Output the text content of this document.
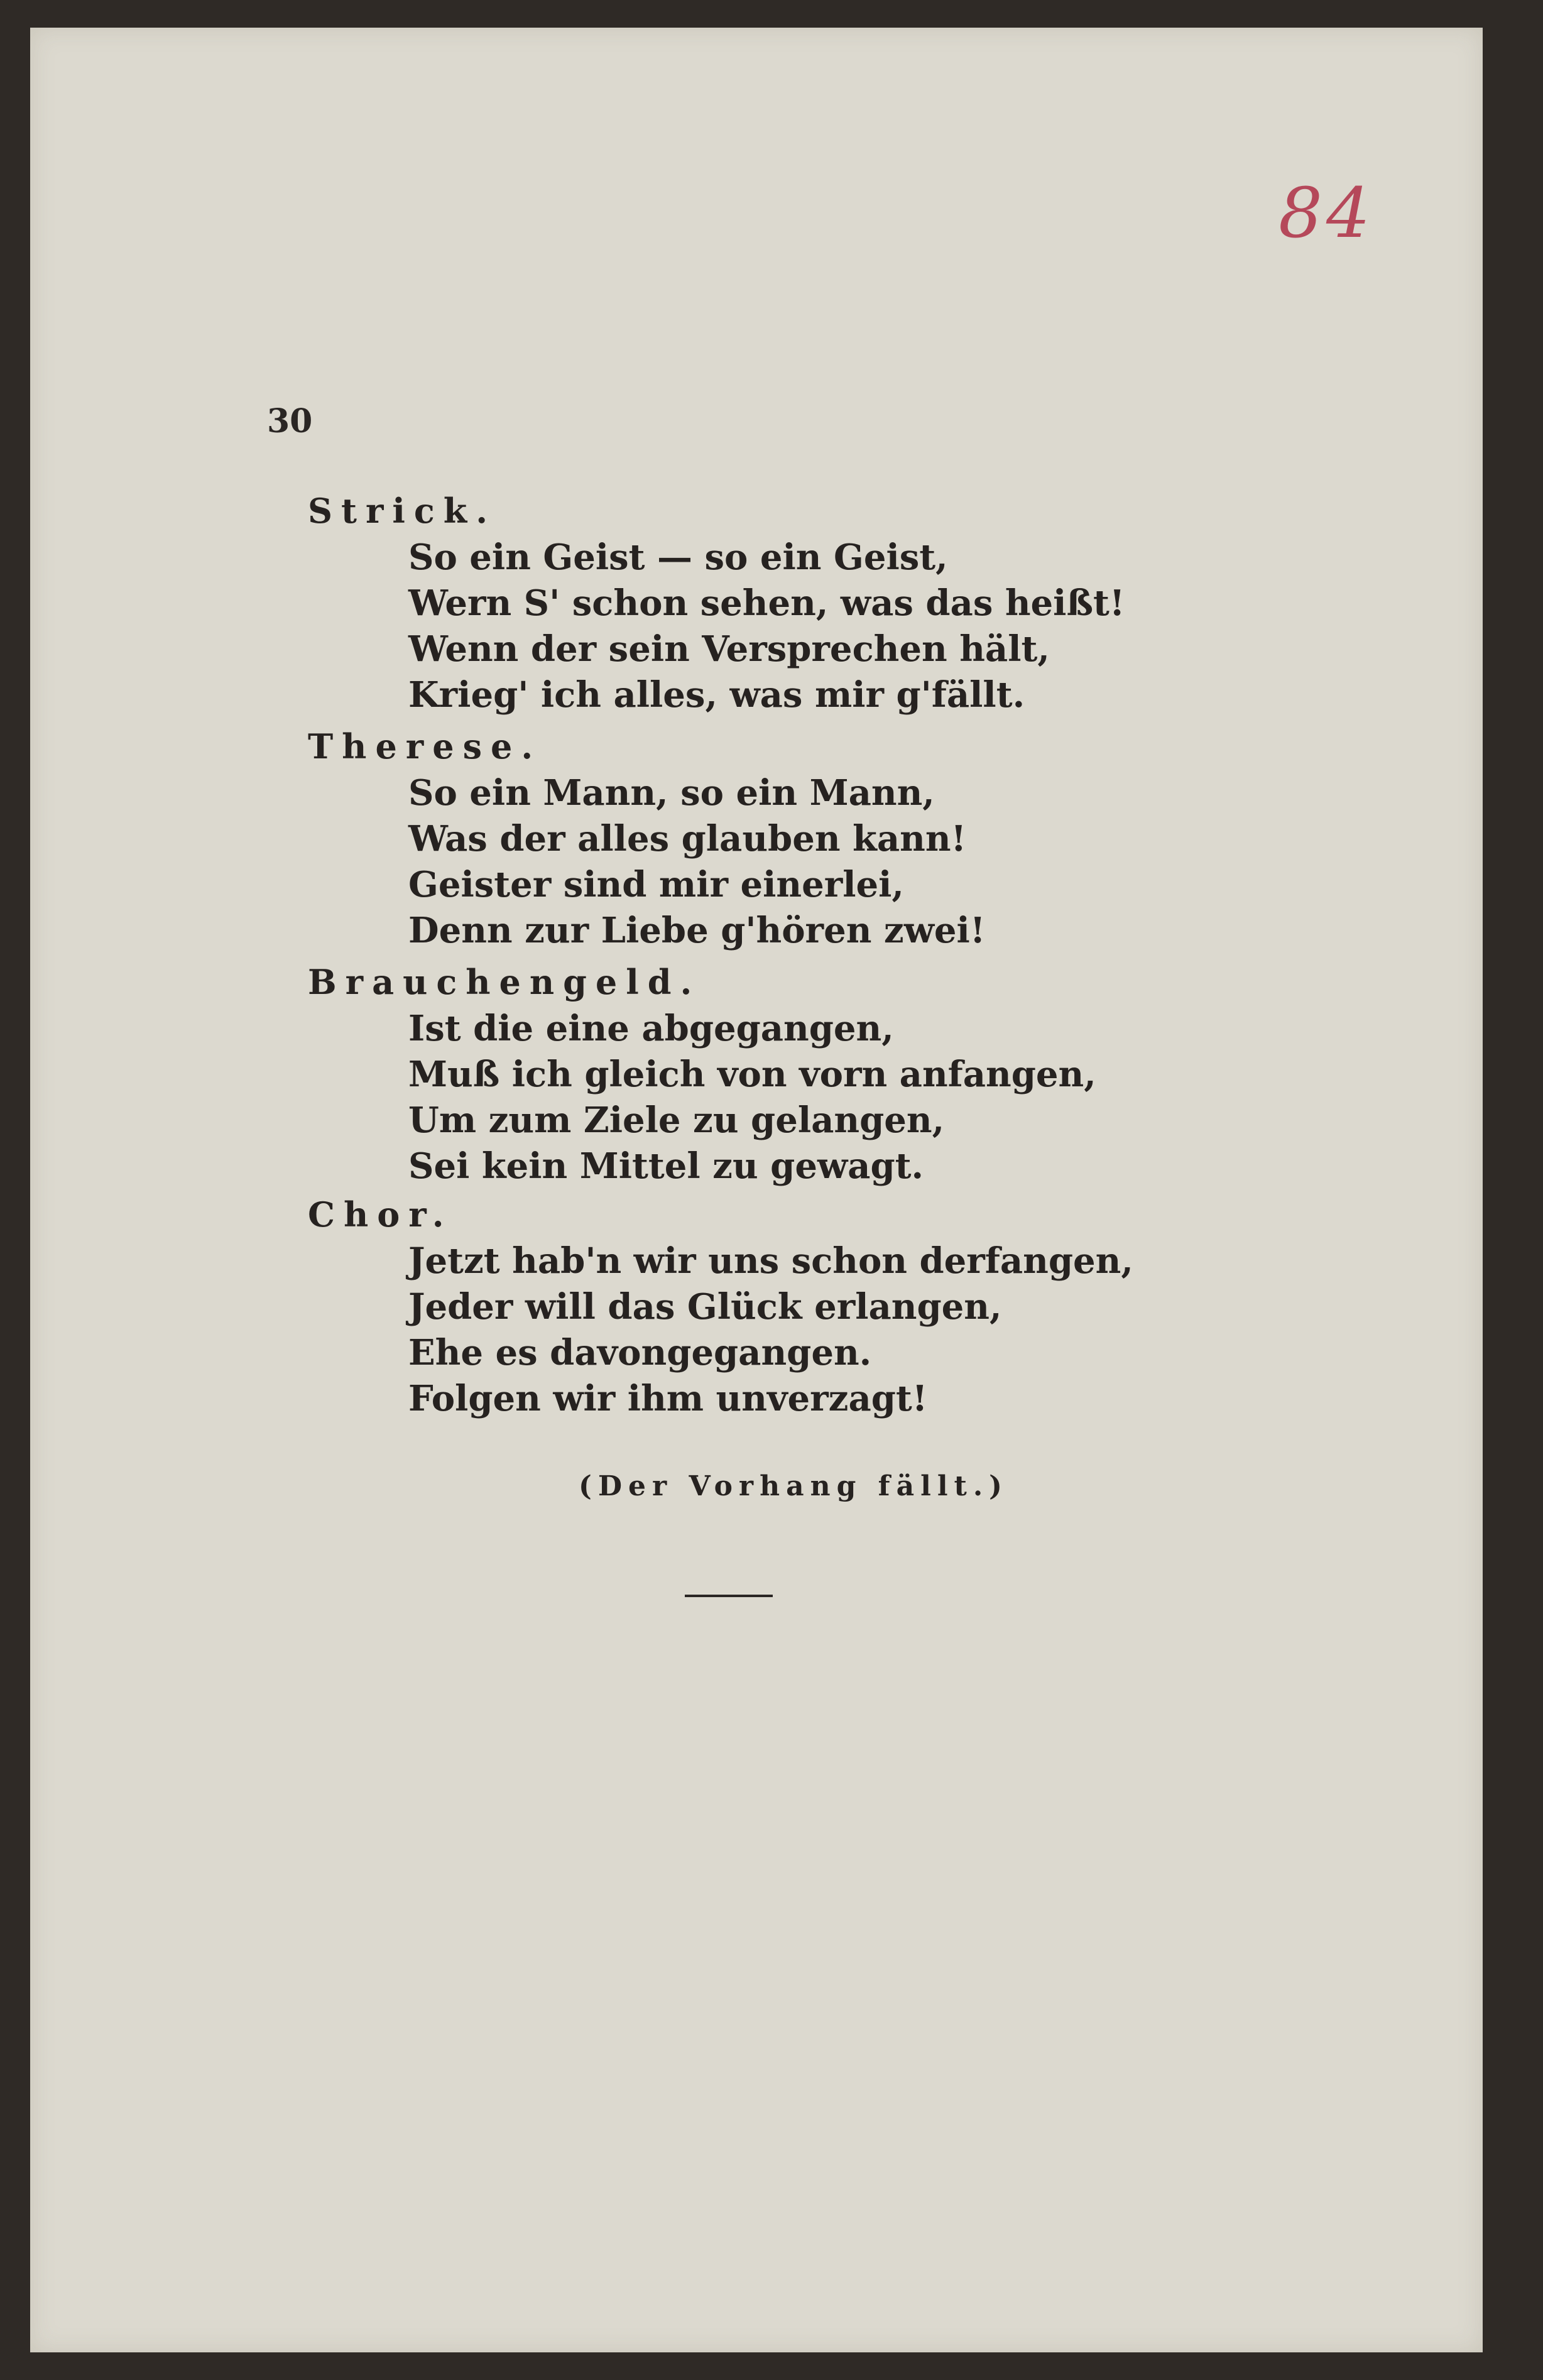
84
30
Strick.
So ein Geist — so ein Geist,
Wern S' schon sehen, was das heißt!
Wenn der sein Versprechen hält,
Krieg' ich alles, was mir g'fällt.
Therese.
So ein Mann, so ein Mann,
Was der alles glauben kann!
Geister sind mir einerlei,
Denn zur Liebe g'hören zwei!
Brauchengeld.
Ist die eine abgegangen,
Muß ich gleich von vorn anfangen,
Um zum Ziele zu gelangen,
Sei kein Mittel zu gewagt.
Chor.
Jetzt hab'n wir uns schon derfangen,
Jeder will das Glück erlangen,
Ehe es davongegangen.
Folgen wir ihm unverzagt!
(Der Vorhang fällt.)
